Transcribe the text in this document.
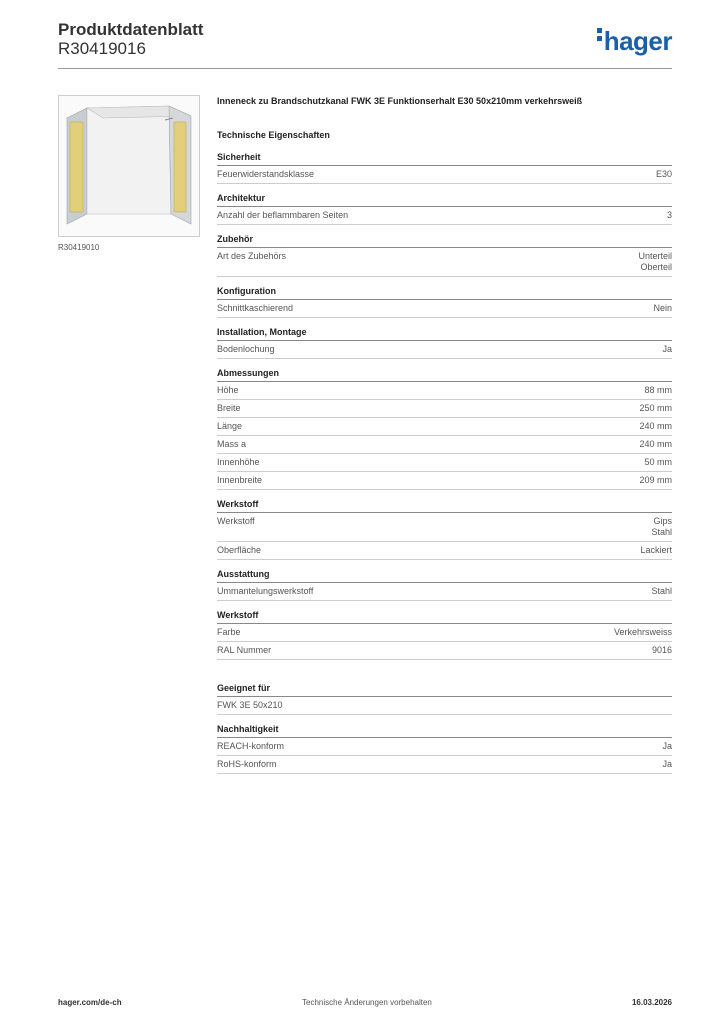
Produktdatenblatt
R30419016	hager
R30419010
Inneneck zu Brandschutzkanal FWK 3E Funktionserhalt E30 50x210mm verkehrsweiß
Technische Eigenschaften
Sicherheit
Feuerwiderstandsklasse	E30
Architektur
Anzahl der beflammbaren Seiten	3
Zubehör
Art des Zubehörs	Unterteil
Oberteil
Konfiguration
Schnittkaschierend	Nein
Installation, Montage
Bodenlochung	Ja
Abmessungen
Höhe	88 mm
Breite	250 mm
Länge	240 mm
Mass a	240 mm
Innenhöhe	50 mm
Innenbreite	209 mm
Werkstoff
Werkstoff	Gips
Stahl
Oberfläche	Lackiert
Ausstattung
Ummantelungswerkstoff	Stahl
Werkstoff
Farbe	Verkehrsweiss
RAL Nummer	9016
Geeignet für
FWK 3E 50x210
Nachhaltigkeit
REACH-konform	Ja
RoHS-konform	Ja
hager.com/de-ch	Technische Änderungen vorbehalten	16.03.2026
